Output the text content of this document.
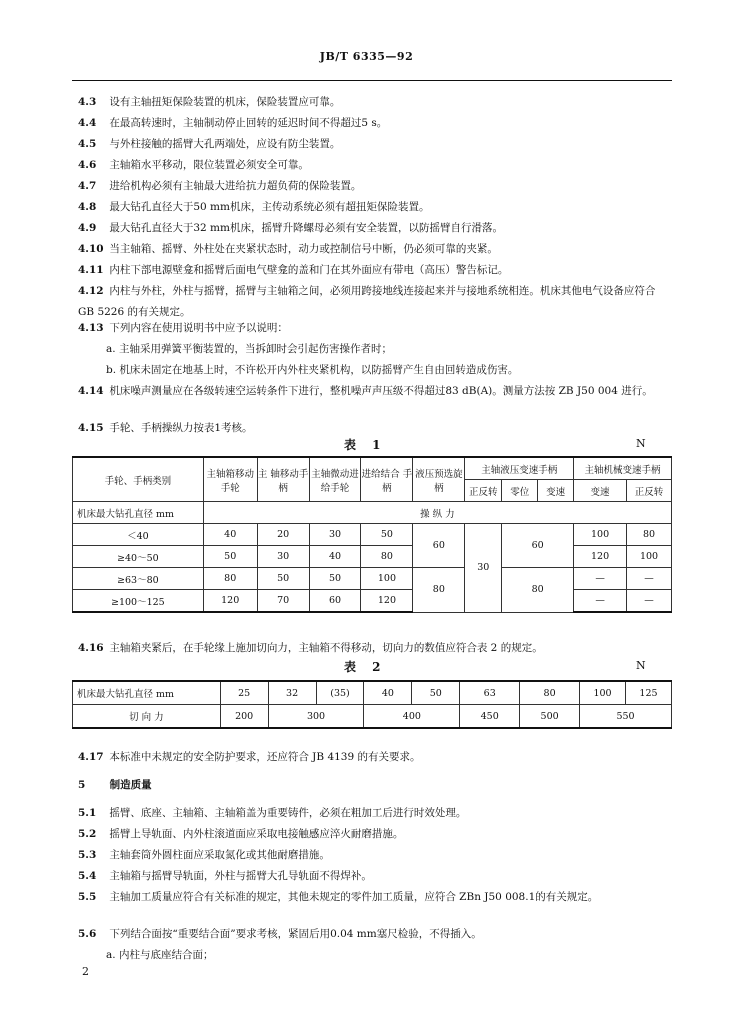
JB/T 6335—92
4.3 设有主轴扭矩保险装置的机床，保险装置应可靠。
4.4 在最高转速时，主轴制动停止回转的延迟时间不得超过5 s。
4.5 与外柱接触的摇臂大孔两端处，应设有防尘装置。
4.6 主轴箱水平移动，限位装置必须安全可靠。
4.7 进给机构必须有主轴最大进给抗力超负荷的保险装置。
4.8 最大钻孔直径大于50 mm机床，主传动系统必须有超扭矩保险装置。
4.9 最大钻孔直径大于32 mm机床，摇臂升降螺母必须有安全装置，以防摇臂自行滑落。
4.10 当主轴箱、摇臂、外柱处在夹紧状态时，动力或控制信号中断，仍必须可靠的夹紧。
4.11 内柱下部电源壁龛和摇臂后面电气壁龛的盖和门在其外面应有带电（高压）警告标记。
4.12 内柱与外柱，外柱与摇臂，摇臂与主轴箱之间，必须用跨接地线连接起来并与接地系统相连。机床其他电气设备应符合 GB 5226 的有关规定。
4.13 下列内容在使用说明书中应予以说明：
a. 主轴采用弹簧平衡装置的，当拆卸时会引起伤害操作者时；
b. 机床未固定在地基上时，不许松开内外柱夹紧机构，以防摇臂产生自由回转造成伤害。
4.14 机床噪声测量应在各级转速空运转条件下进行，整机噪声声压级不得超过83 dB(A)。测量方法按 ZB J50 004 进行。
4.15 手轮、手柄操纵力按表1考核。
表 1	N
手轮、手柄类别	主轴箱移动手轮	主 轴移动手柄	主轴微动进给手轮	进给结合 手 柄	液压预选旋 柄	主轴液压变速手柄			主轴机械变速手柄	
						正反转	零位	变速	变速	正反转
机床最大钻孔直径 mm	操 纵 力									
＜40	40	20	30	50	60	30	60		100	80
≥40～50	50	30	40	80					120	100
≥63～80	80	50	50	100	80		80		—	—
≥100～125	120	70	60	120					—	—
4.16 主轴箱夹紧后，在手轮缘上施加切向力，主轴箱不得移动，切向力的数值应符合表 2 的规定。
表 2	N
机床最大钻孔直径 mm	25	32	(35)	40	50	63	80	100	125
切 向 力	200	300		400		450	500	550	
4.17 本标准中未规定的安全防护要求，还应符合 JB 4139 的有关要求。
5 制造质量
5.1 摇臂、底座、主轴箱、主轴箱盖为重要铸件，必须在粗加工后进行时效处理。
5.2 摇臂上导轨面、内外柱滚道面应采取电接触感应淬火耐磨措施。
5.3 主轴套筒外圆柱面应采取氮化或其他耐磨措施。
5.4 主轴箱与摇臂导轨面，外柱与摇臂大孔导轨面不得焊补。
5.5 主轴加工质量应符合有关标准的规定，其他未规定的零件加工质量，应符合 ZBn J50 008.1的有关规定。
5.6 下列结合面按“重要结合面”要求考核，紧固后用0.04 mm塞尺检验，不得插入。
a. 内柱与底座结合面；
2
